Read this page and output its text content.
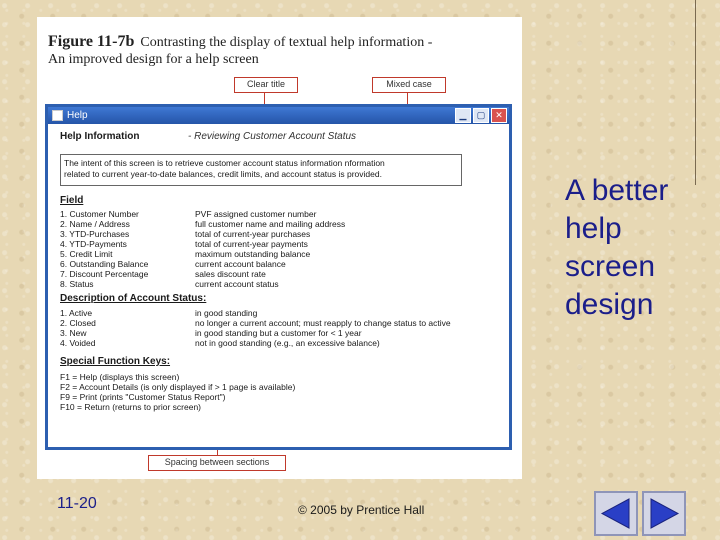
Figure 11-7b Contrasting the display of textual help information -
An improved design for a help screen
Clear title	Mixed case
Spacing between sections
Help	▁	▢	✕
Help Information	- Reviewing Customer Account Status
The intent of this screen is to retrieve customer account status information nformation
related to current year-to-date balances, credit limits, and account status is provided.
Field
1. Customer Number	PVF assigned customer number
2. Name / Address	full customer name and mailing address
3. YTD-Purchases	total of current-year purchases
4. YTD-Payments	total of current-year payments
5. Credit Limit	maximum outstanding balance
6. Outstanding Balance	current account balance
7. Discount Percentage	sales discount rate
8. Status	current account status
Description of Account Status:
1. Active	in good standing
2. Closed	no longer a current account; must reapply to change status to active
3. New	in good standing but a customer for < 1 year
4. Voided	not in good standing (e.g., an excessive balance)
Special Function Keys:
F1 = Help (displays this screen)
F2 = Account Details (is only displayed if > 1 page is available)
F9 = Print (prints "Customer Status Report")
F10 = Return (returns to prior screen)
A better
help
screen
design
11-20	© 2005 by Prentice Hall
